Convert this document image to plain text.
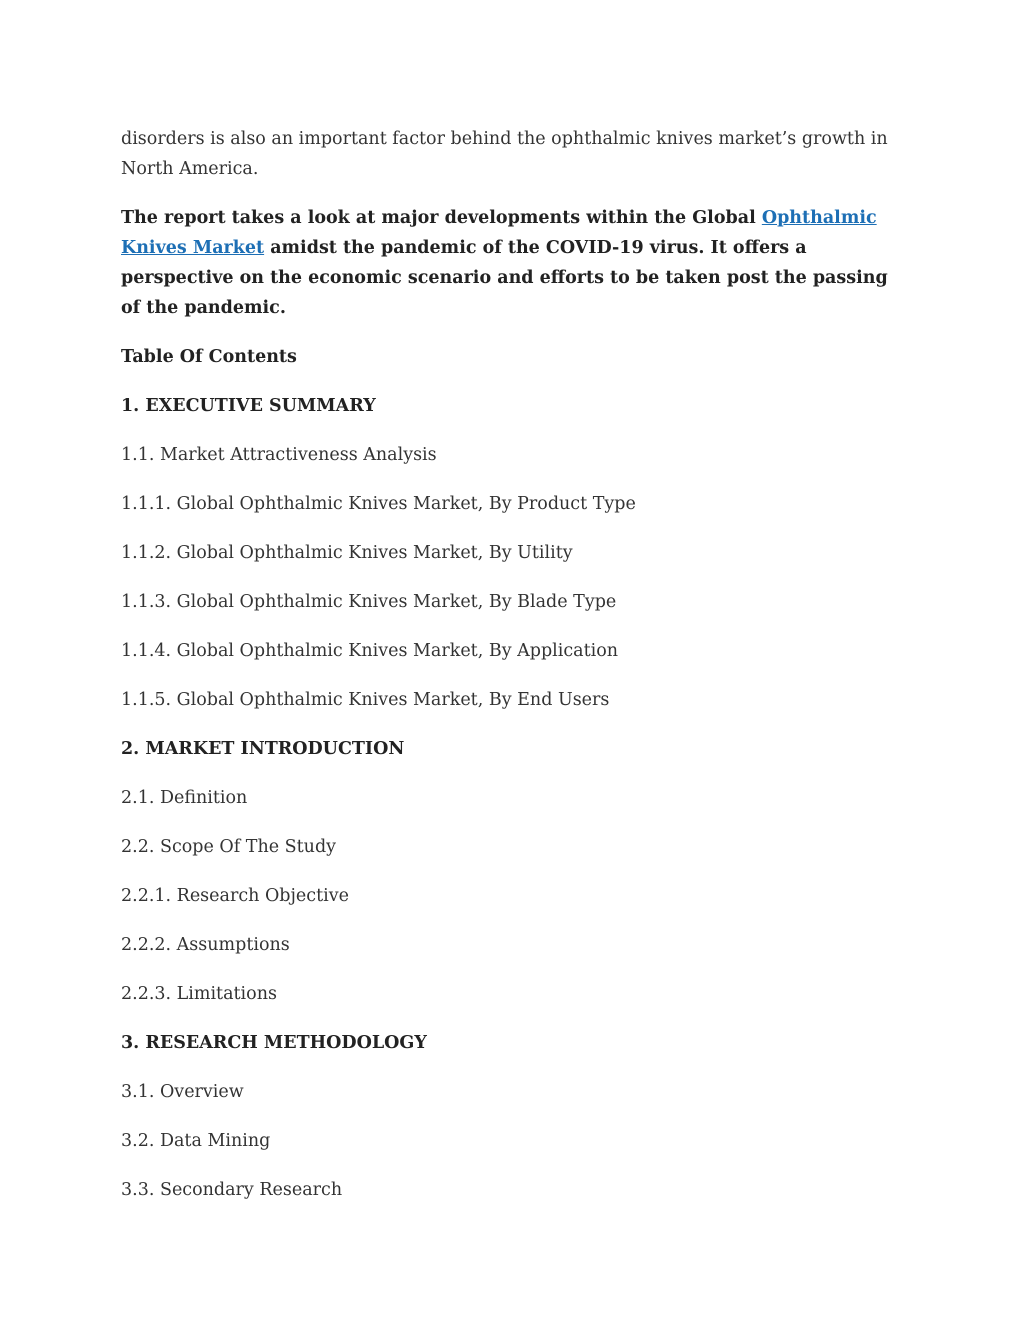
disorders is also an important factor behind the ophthalmic knives market’s growth in North America.

The report takes a look at major developments within the Global Ophthalmic Knives Market amidst the pandemic of the COVID-19 virus. It offers a perspective on the economic scenario and efforts to be taken post the passing of the pandemic.

Table Of Contents

1. EXECUTIVE SUMMARY
1.1. Market Attractiveness Analysis
1.1.1. Global Ophthalmic Knives Market, By Product Type
1.1.2. Global Ophthalmic Knives Market, By Utility
1.1.3. Global Ophthalmic Knives Market, By Blade Type
1.1.4. Global Ophthalmic Knives Market, By Application
1.1.5. Global Ophthalmic Knives Market, By End Users
2. MARKET INTRODUCTION
2.1. Definition
2.2. Scope Of The Study
2.2.1. Research Objective
2.2.2. Assumptions
2.2.3. Limitations
3. RESEARCH METHODOLOGY
3.1. Overview
3.2. Data Mining
3.3. Secondary Research
